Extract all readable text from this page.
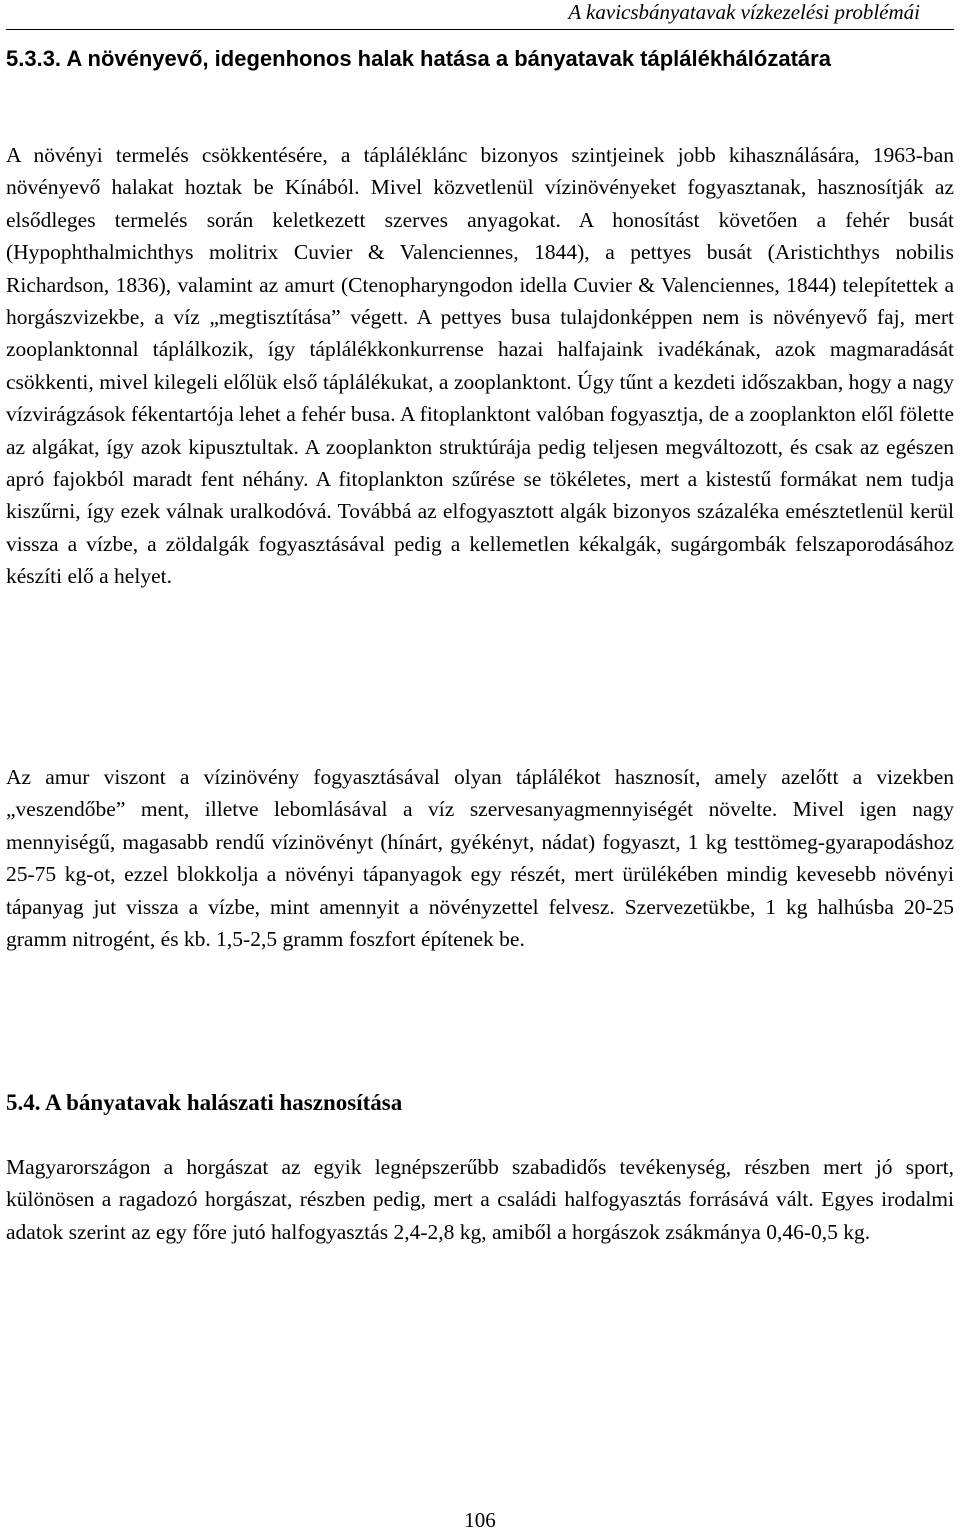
A kavicsbányatavak vízkezelési problémái
5.3.3. A növényevő, idegenhonos halak hatása a bányatavak táplálékhálózatára

A növényi termelés csökkentésére, a tápláléklánc bizonyos szintjeinek jobb kihasználására, 1963-ban növényevő halakat hoztak be Kínából. Mivel közvetlenül vízinövényeket fogyasztanak, hasznosítják az elsődleges termelés során keletkezett szerves anyagokat. A honosítást követően a fehér busát (Hypophthalmichthys molitrix Cuvier & Valenciennes, 1844), a pettyes busát (Aristichthys nobilis Richardson, 1836), valamint az amurt (Ctenopharyngodon idella Cuvier & Valenciennes, 1844) telepítettek a horgászvizekbe, a víz „megtisztítása” végett. A pettyes busa tulajdonképpen nem is növényevő faj, mert zooplanktonnal táplálkozik, így táplálékkonkurrense hazai halfajaink ivadékának, azok magmaradását csökkenti, mivel kilegeli előlük első táplálékukat, a zooplanktont. Úgy tűnt a kezdeti időszakban, hogy a nagy vízvirágzások fékentartója lehet a fehér busa. A fitoplanktont valóban fogyasztja, de a zooplankton elől fölette az algákat, így azok kipusztultak. A zooplankton struktúrája pedig teljesen megváltozott, és csak az egészen apró fajokból maradt fent néhány. A fitoplankton szűrése se tökéletes, mert a kistestű formákat nem tudja kiszűrni, így ezek válnak uralkodóvá. Továbbá az elfogyasztott algák bizonyos százaléka emésztetlenül kerül vissza a vízbe, a zöldalgák fogyasztásával pedig a kellemetlen kékalgák, sugárgombák felszaporodásához készíti elő a helyet.

Az amur viszont a vízinövény fogyasztásával olyan táplálékot hasznosít, amely azelőtt a vizekben „veszendőbe” ment, illetve lebomlásával a víz szervesanyagmennyiségét növelte. Mivel igen nagy mennyiségű, magasabb rendű vízinövényt (hínárt, gyékényt, nádat) fogyaszt, 1 kg testtömeg-gyarapodáshoz 25-75 kg-ot, ezzel blokkolja a növényi tápanyagok egy részét, mert ürülékében mindig kevesebb növényi tápanyag jut vissza a vízbe, mint amennyit a növényzettel felvesz. Szervezetükbe, 1 kg halhúsba 20-25 gramm nitrogént, és kb. 1,5-2,5 gramm foszfort építenek be.

5.4. A bányatavak halászati hasznosítása

Magyarországon a horgászat az egyik legnépszerűbb szabadidős tevékenység, részben mert jó sport, különösen a ragadozó horgászat, részben pedig, mert a családi halfogyasztás forrásává vált. Egyes irodalmi adatok szerint az egy főre jutó halfogyasztás 2,4-2,8 kg, amiből a horgászok zsákmánya 0,46-0,5 kg.

106
